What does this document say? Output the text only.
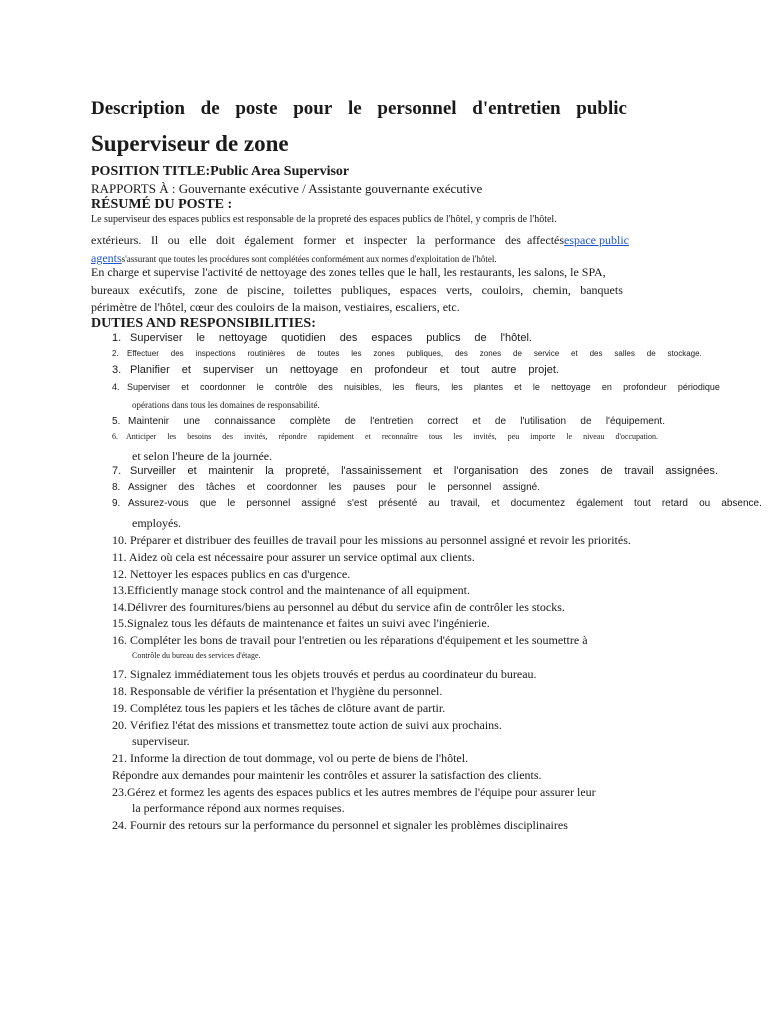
Description de poste pour le personnel d'entretien public
Superviseur de zone
POSITION TITLE:Public Area Supervisor
RAPPORTS À : Gouvernante exécutive / Assistante gouvernante exécutive
RÉSUMÉ DU POSTE :
Le superviseur des espaces publics est responsable de la propreté des espaces publics de l'hôtel, y compris de l'hôtel.
extérieurs. Il ou elle doit également former et inspecter la performance des affectés espace public
agentss'assurant que toutes les procédures sont complétées conformément aux normes d'exploitation de l'hôtel.
En charge et supervise l'activité de nettoyage des zones telles que le hall, les restaurants, les salons, le SPA,
bureaux exécutifs, zone de piscine, toilettes publiques, espaces verts, couloirs, chemin, banquets
périmètre de l'hôtel, cœur des couloirs de la maison, vestiaires, escaliers, etc.
DUTIES AND RESPONSIBILITIES:
1. Superviser le nettoyage quotidien des espaces publics de l'hôtel.
2.	Effectuer des inspections routinières de toutes les zones publiques, des zones de service et des salles de stockage.
3. Planifier et superviser un nettoyage en profondeur et tout autre projet.
4. Superviser et coordonner le contrôle des nuisibles, les fleurs, les plantes et le nettoyage en profondeur périodique
opérations dans tous les domaines de responsabilité.
5. Maintenir une connaissance complète de l'entretien correct et de l'utilisation de l'équipement.
6.	Anticiper les besoins des invités, répondre rapidement et reconnaître tous les invités, peu importe le niveau d'occupation.
et selon l'heure de la journée.
7. Surveiller et maintenir la propreté, l'assainissement et l'organisation des zones de travail assignées.
8. Assigner des tâches et coordonner les pauses pour le personnel assigné.
9. Assurez-vous que le personnel assigné s'est présenté au travail, et documentez également tout retard ou absence.
employés.
10. Préparer et distribuer des feuilles de travail pour les missions au personnel assigné et revoir les priorités.
11. Aidez où cela est nécessaire pour assurer un service optimal aux clients.
12. Nettoyer les espaces publics en cas d'urgence.
13.Efficiently manage stock control and the maintenance of all equipment.
14.Délivrer des fournitures/biens au personnel au début du service afin de contrôler les stocks.
15.Signalez tous les défauts de maintenance et faites un suivi avec l'ingénierie.
16. Compléter les bons de travail pour l'entretien ou les réparations d'équipement et les soumettre à
Contrôle du bureau des services d'étage.
17. Signalez immédiatement tous les objets trouvés et perdus au coordinateur du bureau.
18. Responsable de vérifier la présentation et l'hygiène du personnel.
19. Complétez tous les papiers et les tâches de clôture avant de partir.
20. Vérifiez l'état des missions et transmettez toute action de suivi aux prochains.
superviseur.
21. Informe la direction de tout dommage, vol ou perte de biens de l'hôtel.
Répondre aux demandes pour maintenir les contrôles et assurer la satisfaction des clients.
23.Gérez et formez les agents des espaces publics et les autres membres de l'équipe pour assurer leur
la performance répond aux normes requises.
24. Fournir des retours sur la performance du personnel et signaler les problèmes disciplinaires
